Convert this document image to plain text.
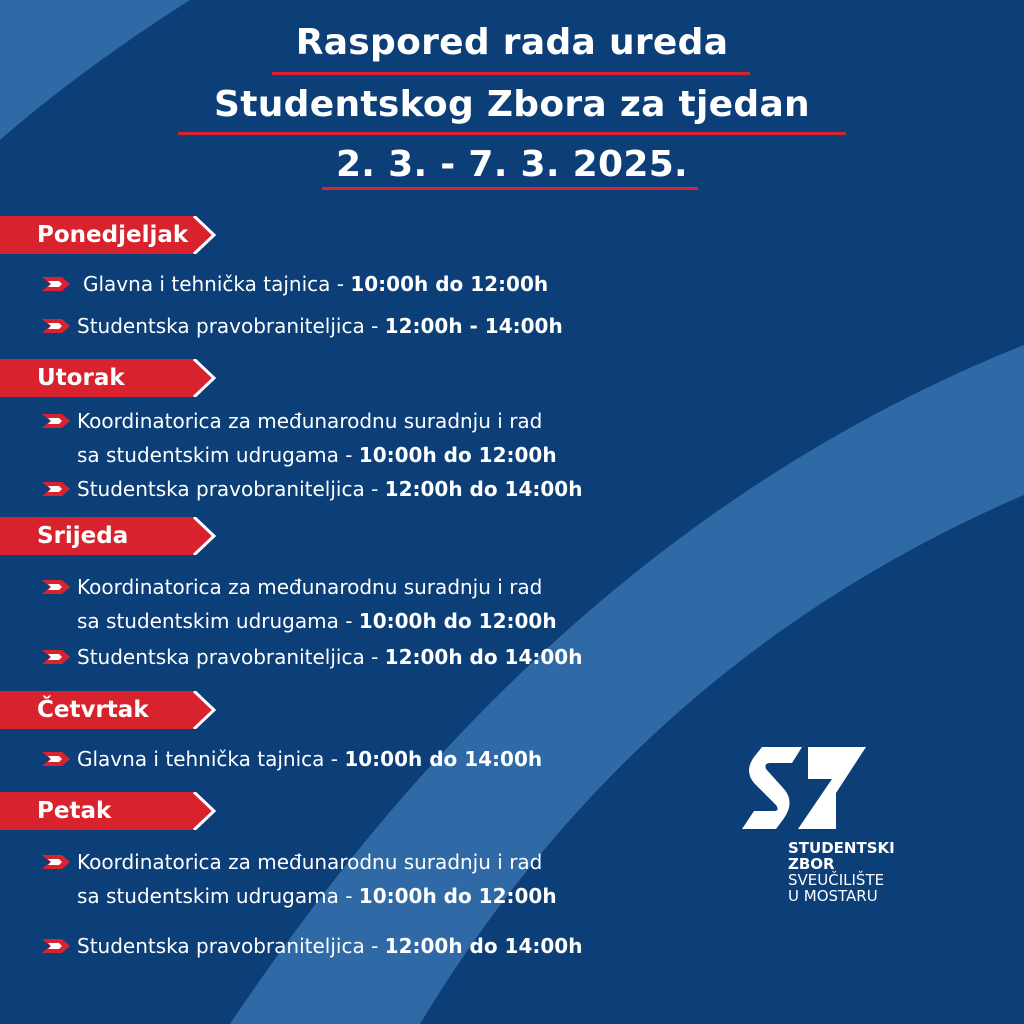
Raspored rada ureda
Studentskog Zbora za tjedan
2. 3. - 7. 3. 2025.
Ponedjeljak
Glavna i tehnička tajnica - 10:00h do 12:00h
Studentska pravobraniteljica - 12:00h - 14:00h
Utorak
Koordinatorica za međunarodnu suradnju i rad
sa studentskim udrugama - 10:00h do 12:00h
Studentska pravobraniteljica - 12:00h do 14:00h
Srijeda
Koordinatorica za međunarodnu suradnju i rad
sa studentskim udrugama - 10:00h do 12:00h
Studentska pravobraniteljica - 12:00h do 14:00h
Četvrtak
Glavna i tehnička tajnica - 10:00h do 14:00h
Petak
Koordinatorica za međunarodnu suradnju i rad
sa studentskim udrugama - 10:00h do 12:00h
Studentska pravobraniteljica - 12:00h do 14:00h
STUDENTSKI
ZBOR
SVEUČILIŠTE
U MOSTARU
